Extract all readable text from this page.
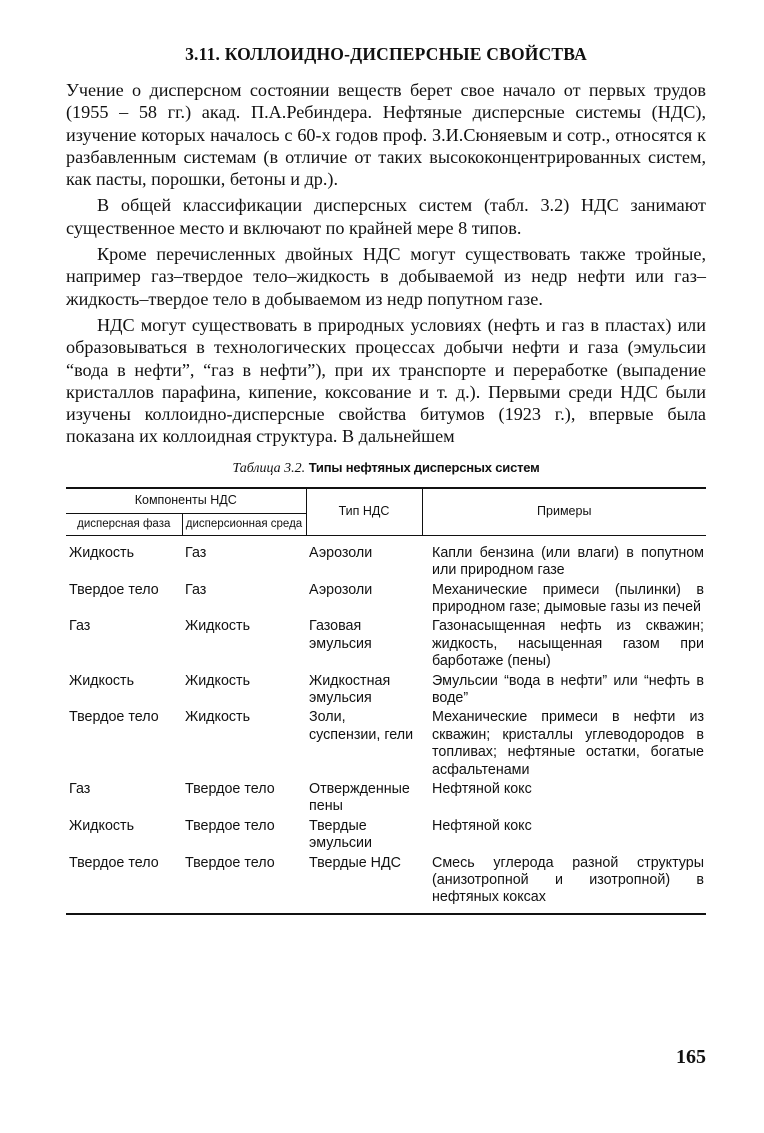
3.11. КОЛЛОИДНО-ДИСПЕРСНЫЕ СВОЙСТВА

Учение о дисперсном состоянии веществ берет свое начало от первых трудов (1955 – 58 гг.) акад. П.А.Ребиндера. Нефтяные дисперсные системы (НДС), изучение которых началось с 60-х годов проф. З.И.Сюняевым и сотр., относятся к разбавленным системам (в отличие от таких высококонцентрированных систем, как пасты, порошки, бетоны и др.).

В общей классификации дисперсных систем (табл. 3.2) НДС занимают существенное место и включают по крайней мере 8 типов.

Кроме перечисленных двойных НДС могут существовать также тройные, например газ–твердое тело–жидкость в добываемой из недр нефти или газ–жидкость–твердое тело в добываемом из недр попутном газе.

НДС могут существовать в природных условиях (нефть и газ в пластах) или образовываться в технологических процессах добычи нефти и газа (эмульсии “вода в нефти”, “газ в нефти”), при их транспорте и переработке (выпадение кристаллов парафина, кипение, коксование и т. д.). Первыми среди НДС были изучены коллоидно-дисперсные свойства битумов (1923 г.), впервые была показана их коллоидная структура. В дальнейшем

Таблица 3.2. Типы нефтяных дисперсных систем
Компоненты НДС		Тип НДС	Примеры
дисперсная фаза	дисперсионная среда		
Жидкость	Газ	Аэрозоли	Капли бензина (или влаги) в попутном или природном газе
Твердое тело	Газ	Аэрозоли	Механические примеси (пылинки) в природном газе; дымовые газы из печей
Газ	Жидкость	Газовая эмульсия	Газонасыщенная нефть из скважин; жидкость, насыщенная газом при барботаже (пены)
Жидкость	Жидкость	Жидкостная эмульсия	Эмульсии “вода в нефти” или “нефть в воде”
Твердое тело	Жидкость	Золи, суспензии, гели	Механические примеси в нефти из скважин; кристаллы углеводородов в топливах; нефтяные остатки, богатые асфальтенами
Газ	Твердое тело	Отвержденные пены	Нефтяной кокс
Жидкость	Твердое тело	Твердые эмульсии	Нефтяной кокс
Твердое тело	Твердое тело	Твердые НДС	Смесь углерода разной структуры (анизотропной и изотропной) в нефтяных коксах
165
